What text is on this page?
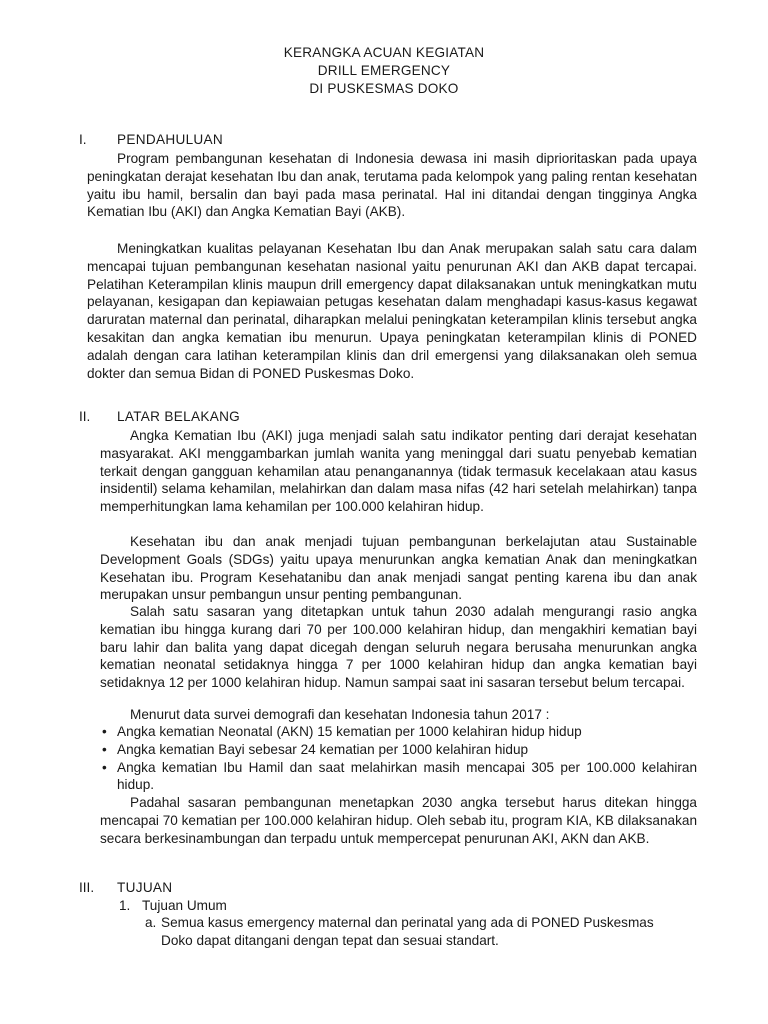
KERANGKA ACUAN KEGIATAN
DRILL EMERGENCY
DI PUSKESMAS DOKO
I. PENDAHULUAN

Program pembangunan kesehatan di Indonesia dewasa ini masih diprioritaskan pada upaya peningkatan derajat kesehatan Ibu dan anak, terutama pada kelompok yang paling rentan kesehatan yaitu ibu hamil, bersalin dan bayi pada masa perinatal. Hal ini ditandai dengan tingginya Angka Kematian Ibu (AKI) dan Angka Kematian Bayi (AKB).

Meningkatkan kualitas pelayanan Kesehatan Ibu dan Anak merupakan salah satu cara dalam mencapai tujuan pembangunan kesehatan nasional yaitu penurunan AKI dan AKB dapat tercapai. Pelatihan Keterampilan klinis maupun drill emergency dapat dilaksanakan untuk meningkatkan mutu pelayanan, kesigapan dan kepiawaian petugas kesehatan dalam menghadapi kasus-kasus kegawat daruratan maternal dan perinatal, diharapkan melalui peningkatan keterampilan klinis tersebut angka kesakitan dan angka kematian ibu menurun. Upaya peningkatan keterampilan klinis di PONED adalah dengan cara latihan keterampilan klinis dan dril emergensi yang dilaksanakan oleh semua dokter dan semua Bidan di PONED Puskesmas Doko.

II. LATAR BELAKANG

Angka Kematian Ibu (AKI) juga menjadi salah satu indikator penting dari derajat kesehatan masyarakat. AKI menggambarkan jumlah wanita yang meninggal dari suatu penyebab kematian terkait dengan gangguan kehamilan atau penanganannya (tidak termasuk kecelakaan atau kasus insidentil) selama kehamilan, melahirkan dan dalam masa nifas (42 hari setelah melahirkan) tanpa memperhitungkan lama kehamilan per 100.000 kelahiran hidup.

Kesehatan ibu dan anak menjadi tujuan pembangunan berkelajutan atau Sustainable Development Goals (SDGs) yaitu upaya menurunkan angka kematian Anak dan meningkatkan Kesehatan ibu. Program Kesehatanibu dan anak menjadi sangat penting karena ibu dan anak merupakan unsur pembangun unsur penting pembangunan.

Salah satu sasaran yang ditetapkan untuk tahun 2030 adalah mengurangi rasio angka kematian ibu hingga kurang dari 70 per 100.000 kelahiran hidup, dan mengakhiri kematian bayi baru lahir dan balita yang dapat dicegah dengan seluruh negara berusaha menurunkan angka kematian neonatal setidaknya hingga 7 per 1000 kelahiran hidup dan angka kematian bayi setidaknya 12 per 1000 kelahiran hidup. Namun sampai saat ini sasaran tersebut belum tercapai.

Menurut data survei demografi dan kesehatan Indonesia tahun 2017 :

• Angka kematian Neonatal (AKN) 15 kematian per 1000 kelahiran hidup hidup
• Angka kematian Bayi sebesar 24 kematian per 1000 kelahiran hidup
• Angka kematian Ibu Hamil dan saat melahirkan masih mencapai 305 per 100.000 kelahiran hidup.

Padahal sasaran pembangunan menetapkan 2030 angka tersebut harus ditekan hingga mencapai 70 kematian per 100.000 kelahiran hidup. Oleh sebab itu, program KIA, KB dilaksanakan secara berkesinambungan dan terpadu untuk mempercepat penurunan AKI, AKN dan AKB.

III. TUJUAN
1. Tujuan Umum
a. Semua kasus emergency maternal dan perinatal yang ada di PONED Puskesmas Doko dapat ditangani dengan tepat dan sesuai standart.
